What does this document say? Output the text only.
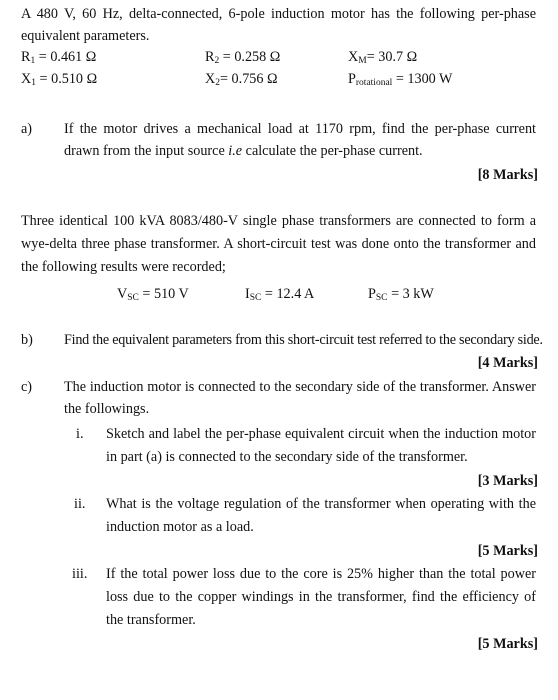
A 480 V, 60 Hz, delta-connected, 6-pole induction motor has the following per-phase equivalent parameters.
$R_1 = 0.461$ Ω	$R_2 = 0.258$ Ω	$X_M= 30.7$ Ω
$X_1 = 0.510$ Ω	$X_2= 0.756$ Ω	$P_{rotational} = 1300$ W
a) If the motor drives a mechanical load at 1170 rpm, find the per-phase current drawn from the input source i.e calculate the per-phase current.
[8 Marks]
Three identical 100 kVA 8083/480-V single phase transformers are connected to form a wye-delta three phase transformer. A short-circuit test was done onto the transformer and the following results were recorded;
$V_{SC} = 510$ V	$I_{SC} = 12.4$ A	$P_{SC} = 3$ kW
b) Find the equivalent parameters from this short-circuit test referred to the secondary side.
[4 Marks]
c) The induction motor is connected to the secondary side of the transformer. Answer the followings.
i. Sketch and label the per-phase equivalent circuit when the induction motor in part (a) is connected to the secondary side of the transformer.
[3 Marks]
ii. What is the voltage regulation of the transformer when operating with the induction motor as a load.
[5 Marks]
iii. If the total power loss due to the core is 25% higher than the total power loss due to the copper windings in the transformer, find the efficiency of the transformer.
[5 Marks]
